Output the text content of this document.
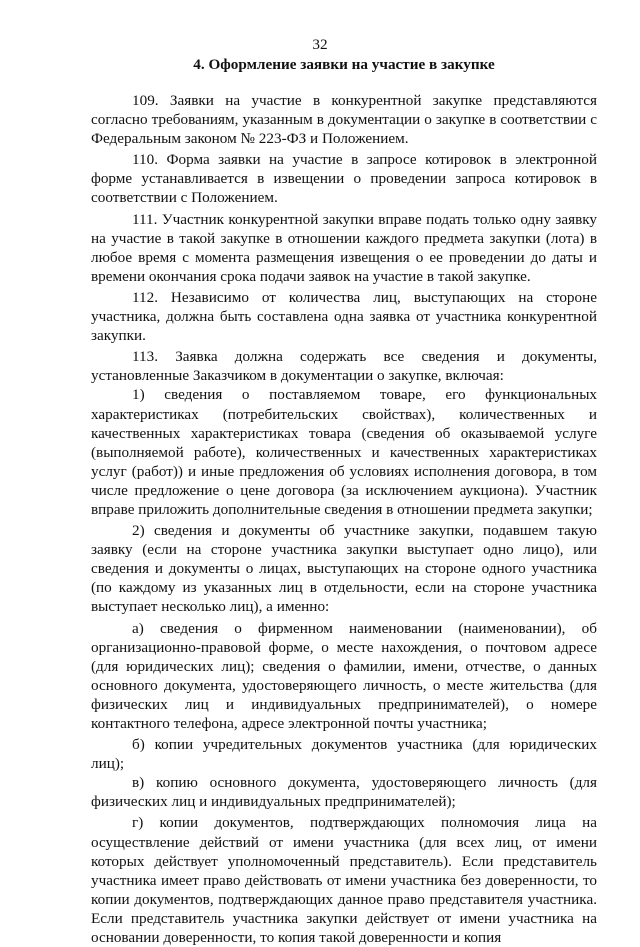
32
4. Оформление заявки на участие в закупке

109. Заявки на участие в конкурентной закупке представляются согласно требованиям, указанным в документации о закупке в соответствии с Федеральным законом № 223-ФЗ и Положением.

110. Форма заявки на участие в запросе котировок в электронной форме устанавливается в извещении о проведении запроса котировок в соответствии с Положением.

111. Участник конкурентной закупки вправе подать только одну заявку на участие в такой закупке в отношении каждого предмета закупки (лота) в любое время с момента размещения извещения о ее проведении до даты и времени окончания срока подачи заявок на участие в такой закупке.

112. Независимо от количества лиц, выступающих на стороне участника, должна быть составлена одна заявка от участника конкурентной закупки.

113. Заявка должна содержать все сведения и документы, установленные Заказчиком в документации о закупке, включая:

1) сведения о поставляемом товаре, его функциональных характеристиках (потребительских свойствах), количественных и качественных характеристиках товара (сведения об оказываемой услуге (выполняемой работе), количественных и качественных характеристиках услуг (работ)) и иные предложения об условиях исполнения договора, в том числе предложение о цене договора (за исключением аукциона). Участник вправе приложить дополнительные сведения в отношении предмета закупки;

2) сведения и документы об участнике закупки, подавшем такую заявку (если на стороне участника закупки выступает одно лицо), или сведения и документы о лицах, выступающих на стороне одного участника (по каждому из указанных лиц в отдельности, если на стороне участника выступает несколько лиц), а именно:

а) сведения о фирменном наименовании (наименовании), об организационно-правовой форме, о месте нахождения, о почтовом адресе (для юридических лиц); сведения о фамилии, имени, отчестве, о данных основного документа, удостоверяющего личность, о месте жительства (для физических лиц и индивидуальных предпринимателей), о номере контактного телефона, адресе электронной почты участника;

б) копии учредительных документов участника (для юридических лиц);

в) копию основного документа, удостоверяющего личность (для физических лиц и индивидуальных предпринимателей);

г) копии документов, подтверждающих полномочия лица на осуществление действий от имени участника (для всех лиц, от имени которых действует уполномоченный представитель). Если представитель участника имеет право действовать от имени участника без доверенности, то копии документов, подтверждающих данное право представителя участника. Если представитель участника закупки действует от имени участника на основании доверенности, то копия такой доверенности и копия
